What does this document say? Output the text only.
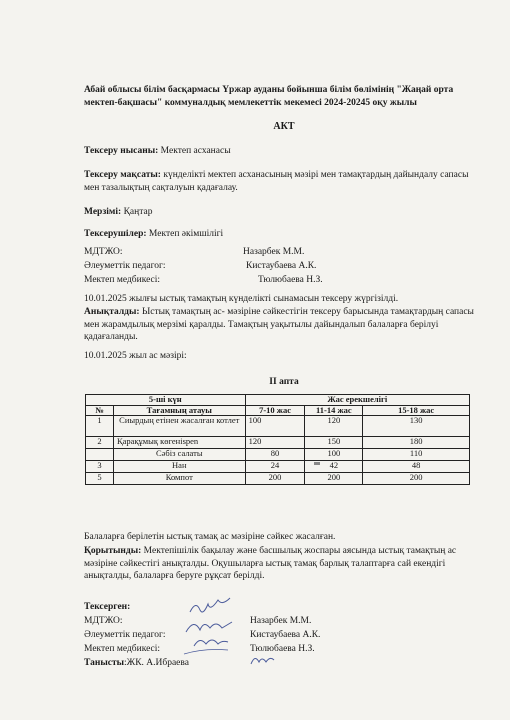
Абай облысы білім басқармасы Үржар ауданы бойынша білім бөлімінің "Жаңай орта мектеп-бақшасы" коммуналдық мемлекеттік мекемесі 2024-20245 оқу жылы
АКТ
Тексеру нысаны: Мектеп асханасы
Тексеру мақсаты: күнделікті мектеп асханасының мәзірі мен тамақтардың дайындалу сапасы мен тазалықтың сақталуын қадағалау.
Мерзімі: Қаңтар
Тексерушілер: Мектеп әкімшілігі
МДТЖО:	Назарбек М.М.
Әлеуметтік педагог:	Кистаубаева А.К.
Мектеп медбикесі:	Тюлюбаева Н.З.
10.01.2025 жылғы ыстық тамақтың күнделікті сынамасын тексеру жүргізілді.
Анықталды: Ыстық тамақтың ас- мәзіріне сәйкестігін тексеру барысында тамақтардың сапасы мен жарамдылық мерзімі қаралды. Тамақтың уақытылы дайындалып балаларға берілуі қадағаланды.
10.01.2025 жыл ас мәзірі:
II апта
5-ші күн		Жас ерекшелігі		
№	Тағамның атауы	7-10 жас	11-14 жас	15-18 жас
1	Сиырдың етінен жасалған котлет	100	120	130
2	Қарақұмық көгенispen	120	150	180
	Сәбіз салаты	80	100	110
3	Нан	24	42	48
5	Компот	200	200	200
Балаларға берілетін ыстық тамақ ас мәзіріне сәйкес жасалған.
Қорытынды: Мектепішілік бақылау және басшылық жоспары аясында ыстық тамақтың ас мәзіріне сәйкестігі анықталды. Оқушыларға ыстық тамақ барлық талаптарға сай екендігі анықталды, балаларға беруге рұқсат берілді.
Тексерген:
МДТЖО:	Назарбек М.М.
Әлеуметтік педагог:	Кистаубаева А.К.
Мектеп медбикесі:	Тюлюбаева Н.З.
Танысты:ЖК. А.Ибраева
